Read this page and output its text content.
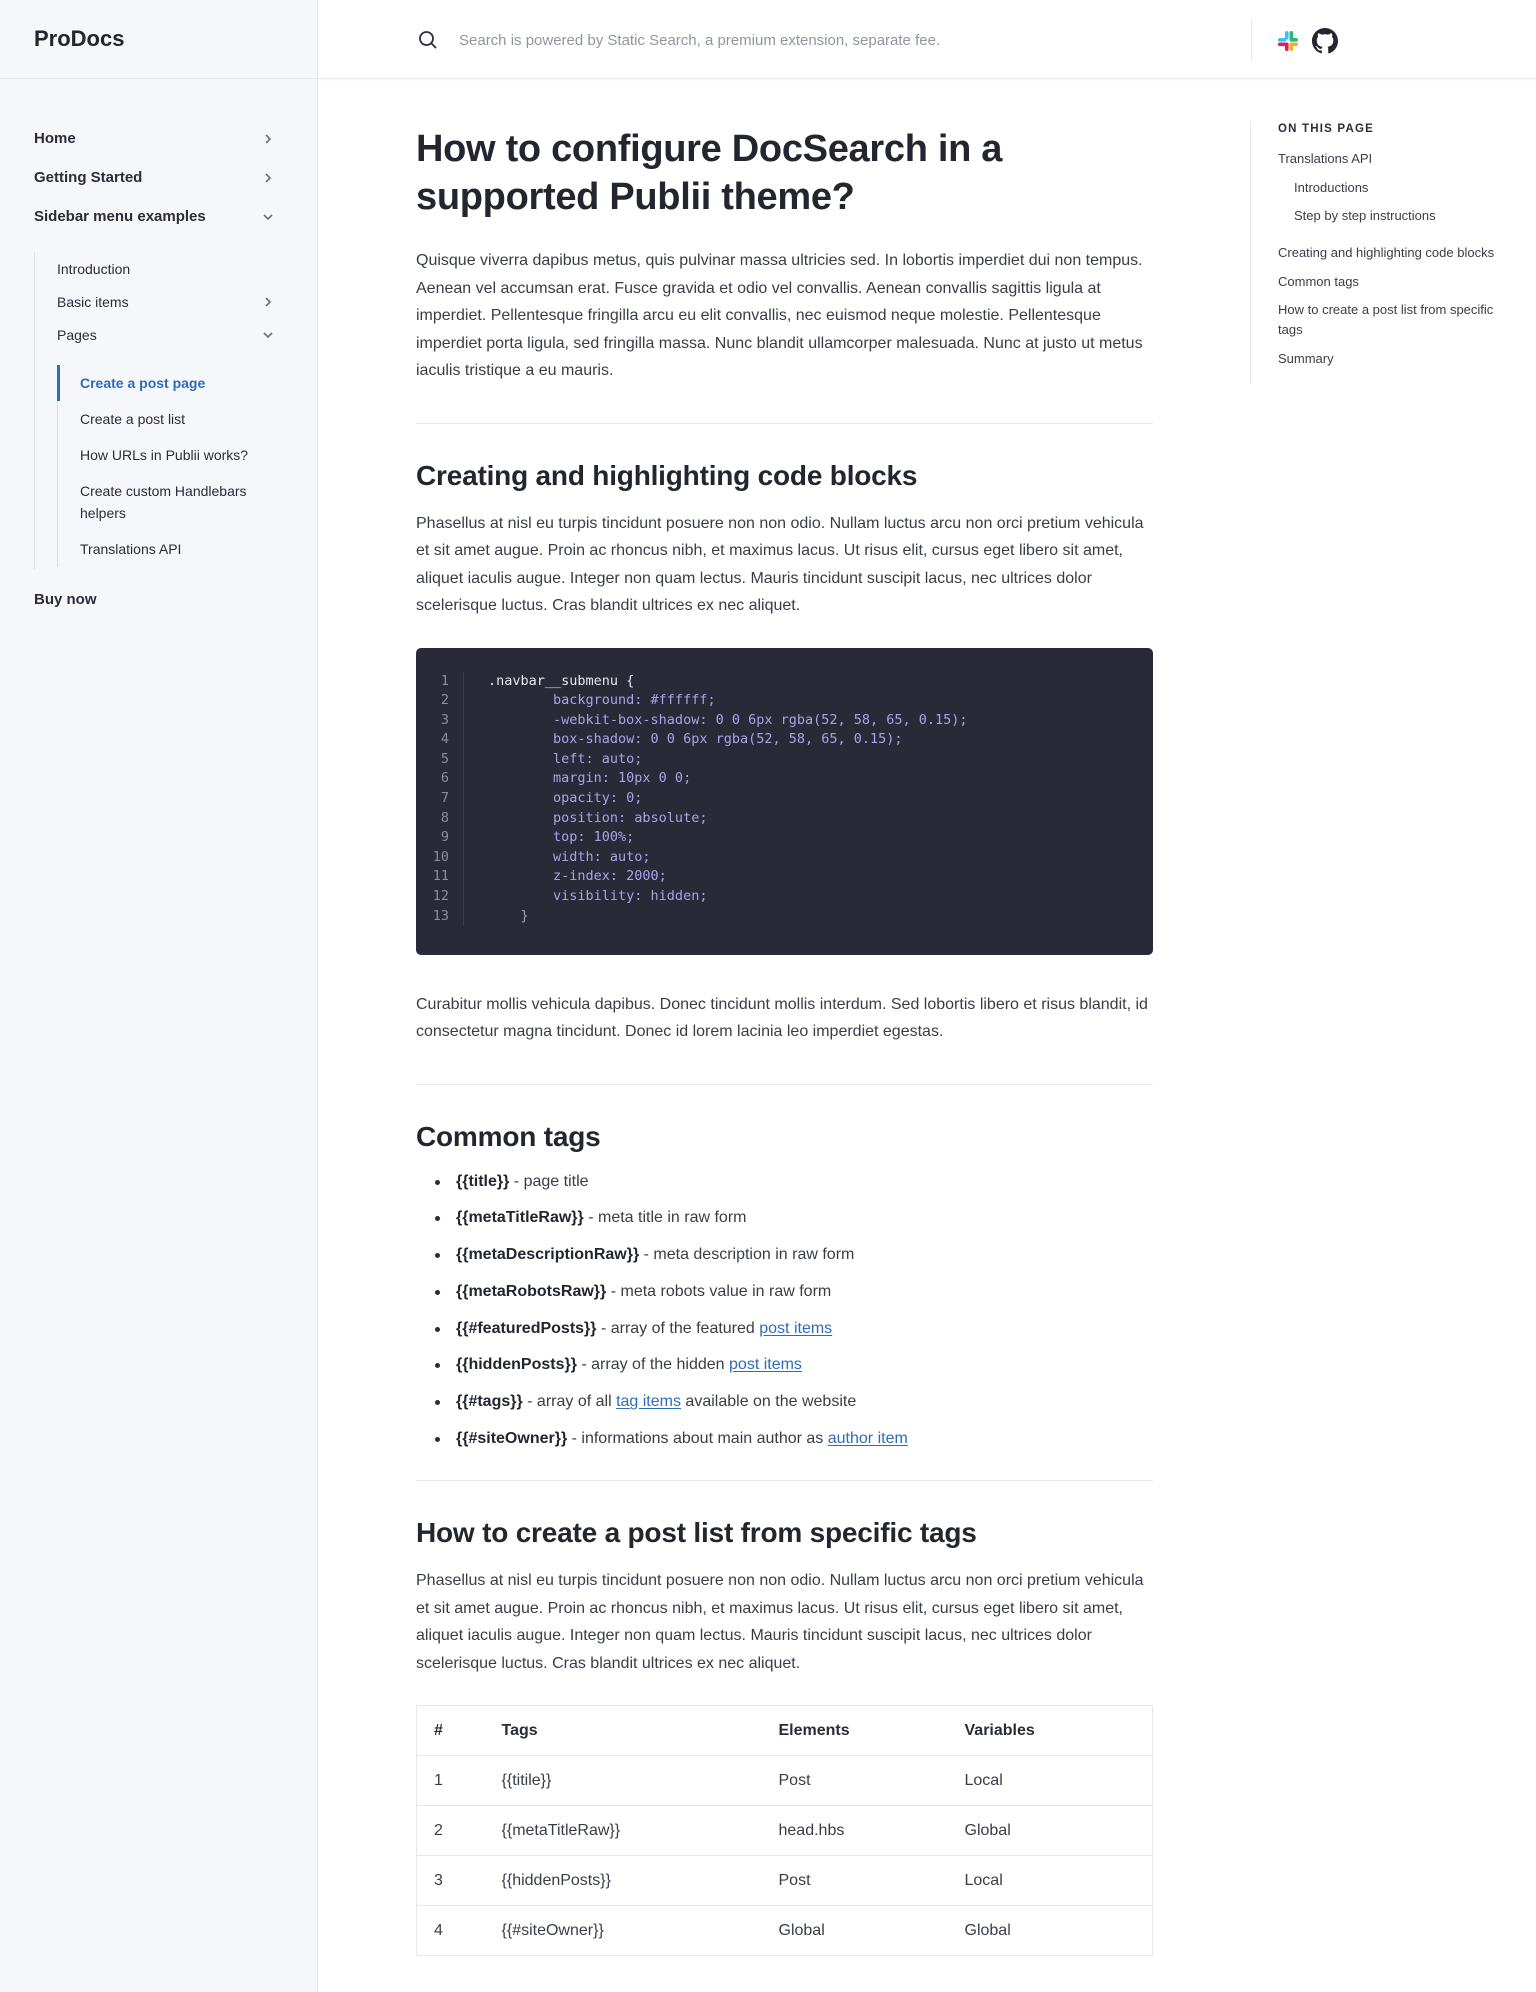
ProDocs
Home
Getting Started
Sidebar menu examples
Introduction
Basic items
Pages
Create a post page
Create a post list
How URLs in Publii works?
Create custom Handlebars helpers
Translations API
Buy now
Search is powered by Static Search, a premium extension, separate fee.
How to configure DocSearch in a supported Publii theme?

Quisque viverra dapibus metus, quis pulvinar massa ultricies sed. In lobortis imperdiet dui non tempus. Aenean vel accumsan erat. Fusce gravida et odio vel convallis. Aenean convallis sagittis ligula at imperdiet. Pellentesque fringilla arcu eu elit convallis, nec euismod neque molestie. Pellentesque imperdiet porta ligula, sed fringilla massa. Nunc blandit ullamcorper malesuada. Nunc at justo ut metus iaculis tristique a eu mauris.

Creating and highlighting code blocks

Phasellus at nisl eu turpis tincidunt posuere non non odio. Nullam luctus arcu non orci pretium vehicula et sit amet augue. Proin ac rhoncus nibh, et maximus lacus. Ut risus elit, cursus eget libero sit amet, aliquet iaculis augue. Integer non quam lectus. Mauris tincidunt suscipit lacus, nec ultrices dolor scelerisque luctus. Cras blandit ultrices ex nec aliquet.

1	.navbar__submenu {
2	background: #ffffff;
3	-webkit-box-shadow: 0 0 6px rgba(52, 58, 65, 0.15);
4	box-shadow: 0 0 6px rgba(52, 58, 65, 0.15);
5	left: auto;
6	margin: 10px 0 0;
7	opacity: 0;
8	position: absolute;
9	top: 100%;
10	width: auto;
11	z-index: 2000;
12	visibility: hidden;
13	}

Curabitur mollis vehicula dapibus. Donec tincidunt mollis interdum. Sed lobortis libero et risus blandit, id consectetur magna tincidunt. Donec id lorem lacinia leo imperdiet egestas.

Common tags
{{title}} - page title
{{metaTitleRaw}} - meta title in raw form
{{metaDescriptionRaw}} - meta description in raw form
{{metaRobotsRaw}} - meta robots value in raw form
{{#featuredPosts}} - array of the featured post items
{{hiddenPosts}} - array of the hidden post items
{{#tags}} - array of all tag items available on the website
{{#siteOwner}} - informations about main author as author item
How to create a post list from specific tags

Phasellus at nisl eu turpis tincidunt posuere non non odio. Nullam luctus arcu non orci pretium vehicula et sit amet augue. Proin ac rhoncus nibh, et maximus lacus. Ut risus elit, cursus eget libero sit amet, aliquet iaculis augue. Integer non quam lectus. Mauris tincidunt suscipit lacus, nec ultrices dolor scelerisque luctus. Cras blandit ultrices ex nec aliquet.

#	Tags	Elements	Variables
1	{{titile}}	Post	Local
2	{{metaTitleRaw}}	head.hbs	Global
3	{{hiddenPosts}}	Post	Local
4	{{#siteOwner}}	Global	Global
ON THIS PAGE
Translations API
Introductions
Step by step instructions
Creating and highlighting code blocks
Common tags
How to create a post list from specific tags
Summary
